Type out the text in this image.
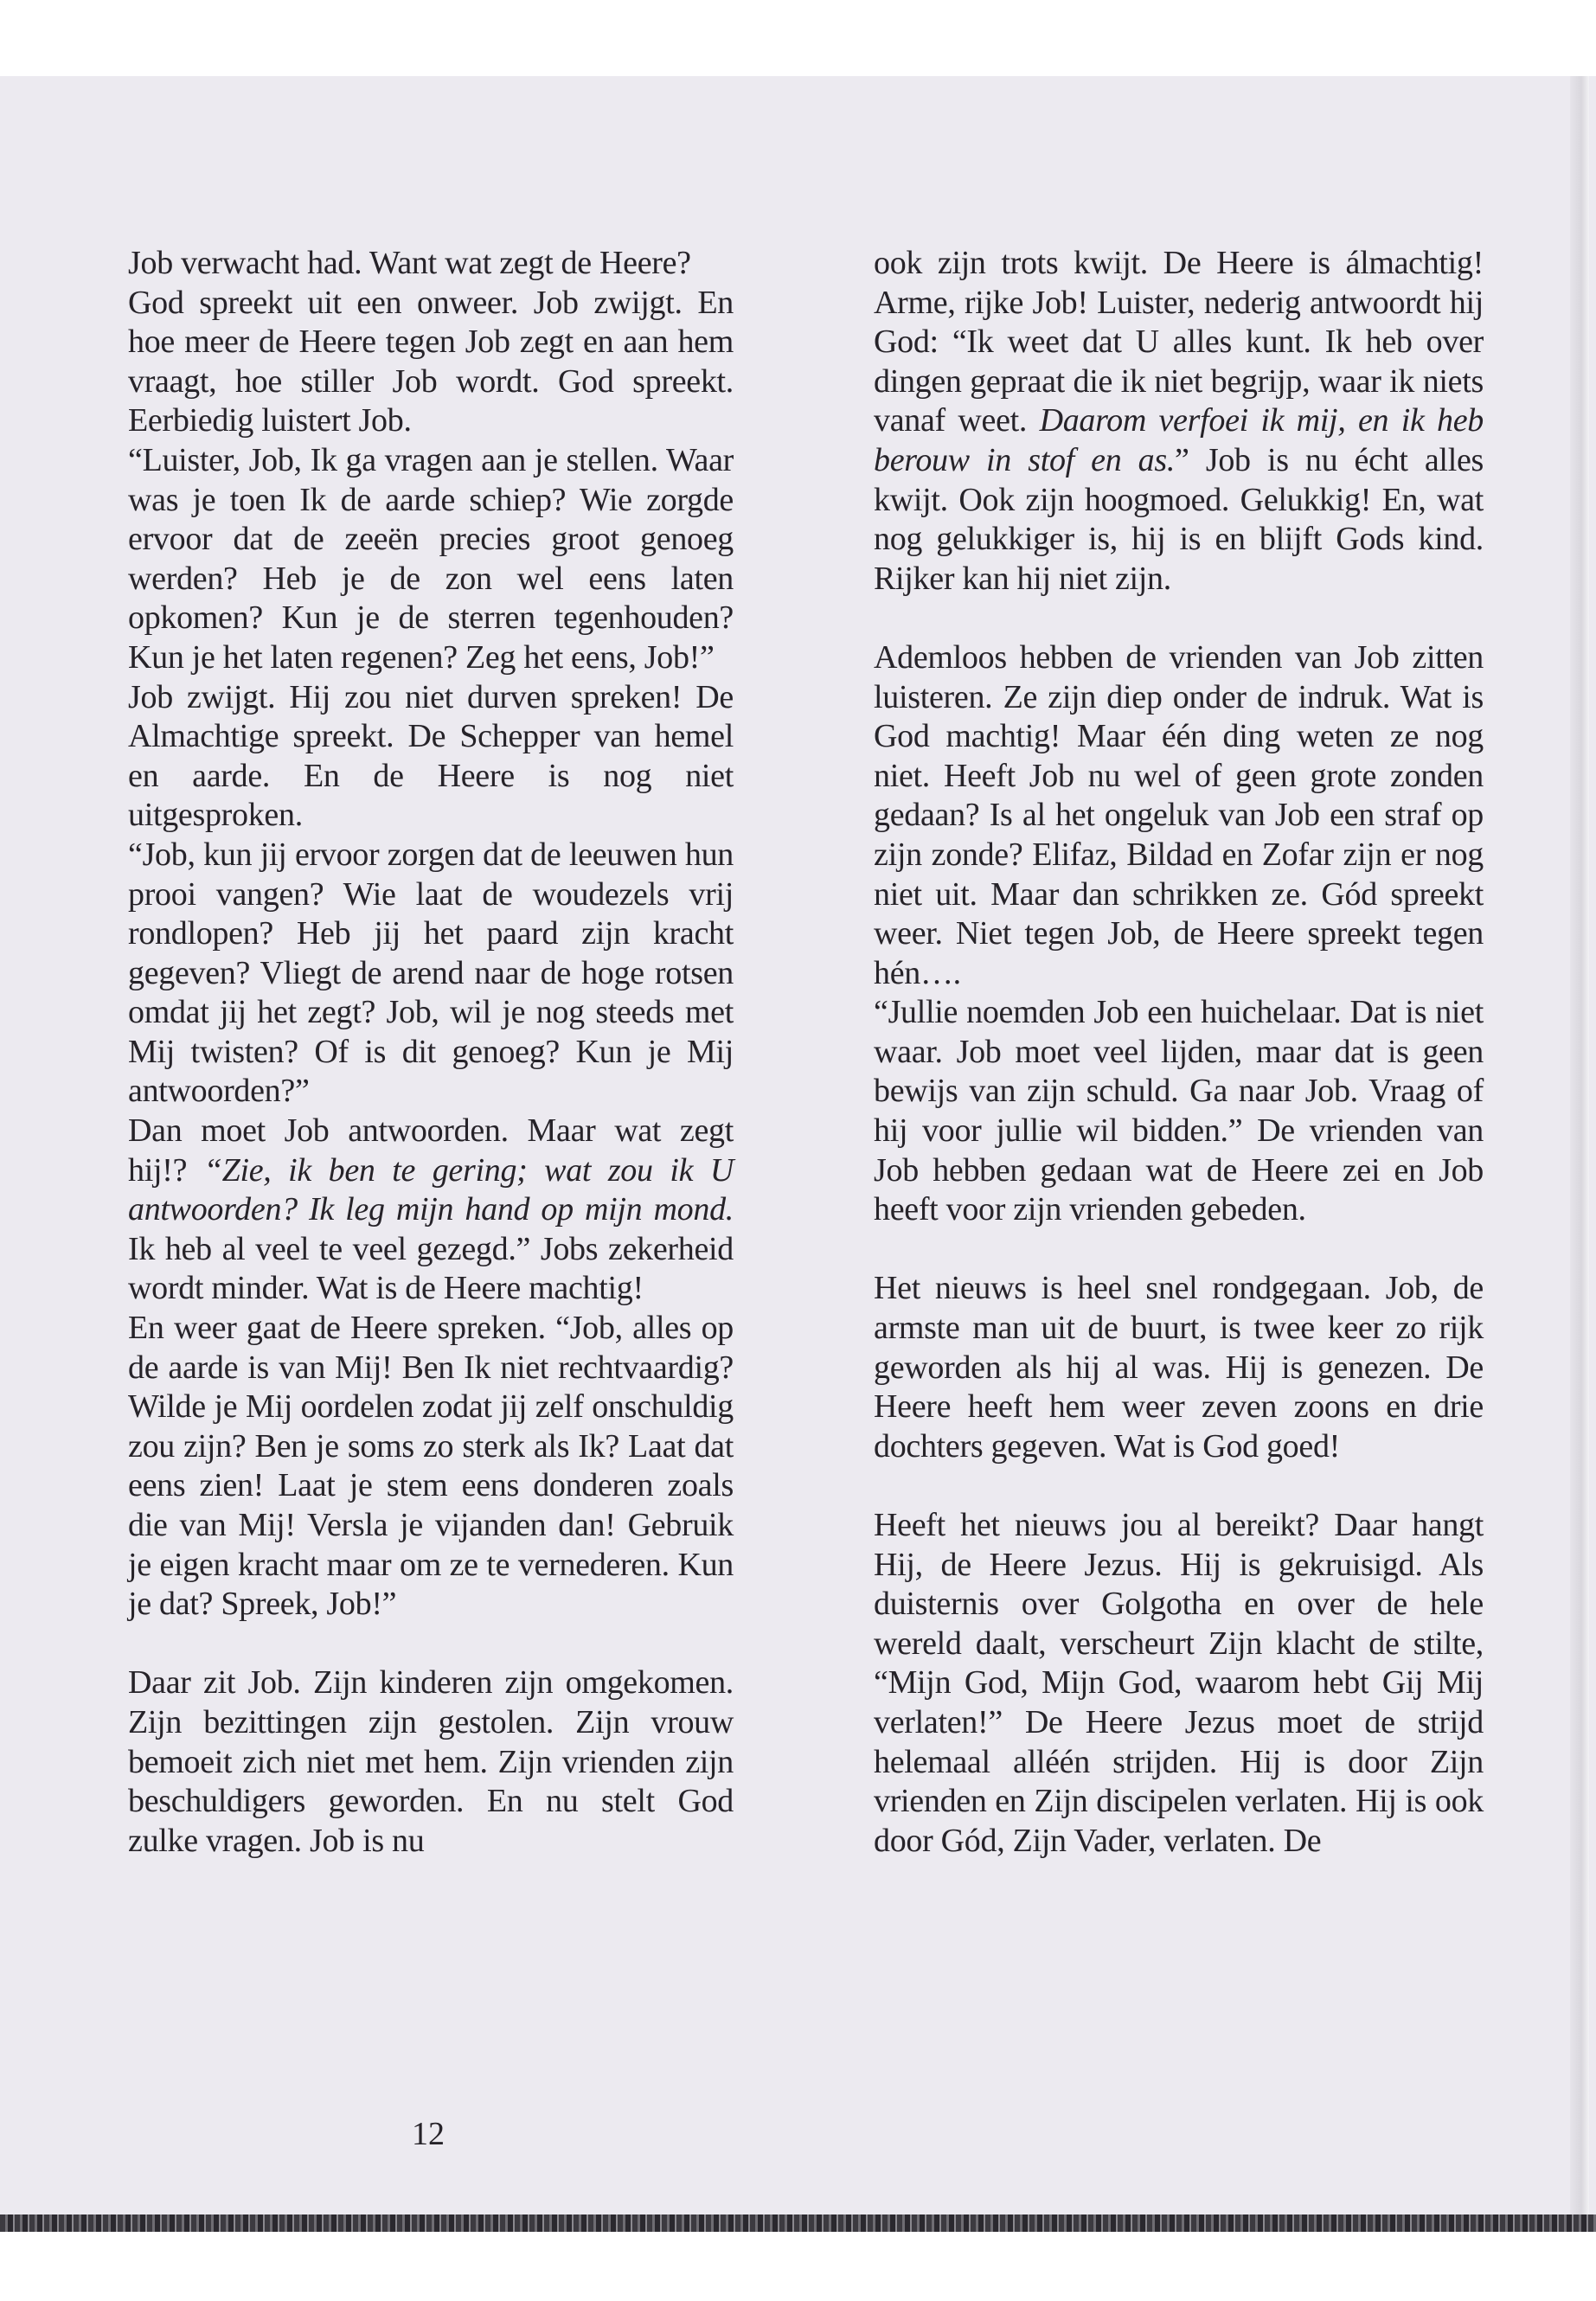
Job verwacht had. Want wat zegt de Heere?

God spreekt uit een onweer. Job zwijgt. En hoe meer de Heere tegen Job zegt en aan hem vraagt, hoe stiller Job wordt. God spreekt. Eerbiedig luistert Job.

“Luister, Job, Ik ga vragen aan je stellen. Waar was je toen Ik de aarde schiep? Wie zorgde ervoor dat de zeeën precies groot genoeg werden? Heb je de zon wel eens laten opkomen? Kun je de sterren tegenhouden? Kun je het laten regenen? Zeg het eens, Job!”

Job zwijgt. Hij zou niet durven spreken! De Almachtige spreekt. De Schepper van hemel en aarde. En de Heere is nog niet uitgesproken.

“Job, kun jij ervoor zorgen dat de leeuwen hun prooi vangen? Wie laat de woudezels vrij rondlopen? Heb jij het paard zijn kracht gegeven? Vliegt de arend naar de hoge rotsen omdat jij het zegt? Job, wil je nog steeds met Mij twisten? Of is dit genoeg? Kun je Mij antwoorden?”

Dan moet Job antwoorden. Maar wat zegt hij!? “Zie, ik ben te gering; wat zou ik U antwoorden? Ik leg mijn hand op mijn mond. Ik heb al veel te veel gezegd.” Jobs zekerheid wordt minder. Wat is de Heere machtig!

En weer gaat de Heere spreken. “Job, alles op de aarde is van Mij! Ben Ik niet rechtvaardig? Wilde je Mij oordelen zodat jij zelf onschuldig zou zijn? Ben je soms zo sterk als Ik? Laat dat eens zien! Laat je stem eens donderen zoals die van Mij! Versla je vijanden dan! Gebruik je eigen kracht maar om ze te vernederen. Kun je dat? Spreek, Job!”

Daar zit Job. Zijn kinderen zijn omgekomen. Zijn bezittingen zijn gestolen. Zijn vrouw bemoeit zich niet met hem. Zijn vrienden zijn beschuldigers geworden. En nu stelt God zulke vragen. Job is nu

ook zijn trots kwijt. De Heere is álmachtig! Arme, rijke Job! Luister, nederig antwoordt hij God: “Ik weet dat U alles kunt. Ik heb over dingen gepraat die ik niet begrijp, waar ik niets vanaf weet. Daarom verfoei ik mij, en ik heb berouw in stof en as.” Job is nu écht alles kwijt. Ook zijn hoogmoed. Gelukkig! En, wat nog gelukkiger is, hij is en blijft Gods kind. Rijker kan hij niet zijn.

Ademloos hebben de vrienden van Job zitten luisteren. Ze zijn diep onder de indruk. Wat is God machtig! Maar één ding weten ze nog niet. Heeft Job nu wel of geen grote zonden gedaan? Is al het ongeluk van Job een straf op zijn zonde? Elifaz, Bildad en Zofar zijn er nog niet uit. Maar dan schrikken ze. Gód spreekt weer. Niet tegen Job, de Heere spreekt tegen hén….

“Jullie noemden Job een huichelaar. Dat is niet waar. Job moet veel lijden, maar dat is geen bewijs van zijn schuld. Ga naar Job. Vraag of hij voor jullie wil bidden.” De vrienden van Job hebben gedaan wat de Heere zei en Job heeft voor zijn vrienden gebeden.

Het nieuws is heel snel rondgegaan. Job, de armste man uit de buurt, is twee keer zo rijk geworden als hij al was. Hij is genezen. De Heere heeft hem weer zeven zoons en drie dochters gegeven. Wat is God goed!

Heeft het nieuws jou al bereikt? Daar hangt Hij, de Heere Jezus. Hij is gekruisigd. Als duisternis over Golgotha en over de hele wereld daalt, verscheurt Zijn klacht de stilte, “Mijn God, Mijn God, waarom hebt Gij Mij verlaten!” De Heere Jezus moet de strijd helemaal alléén strijden. Hij is door Zijn vrienden en Zijn discipelen verlaten. Hij is ook door Gód, Zijn Vader, verlaten. De

12
